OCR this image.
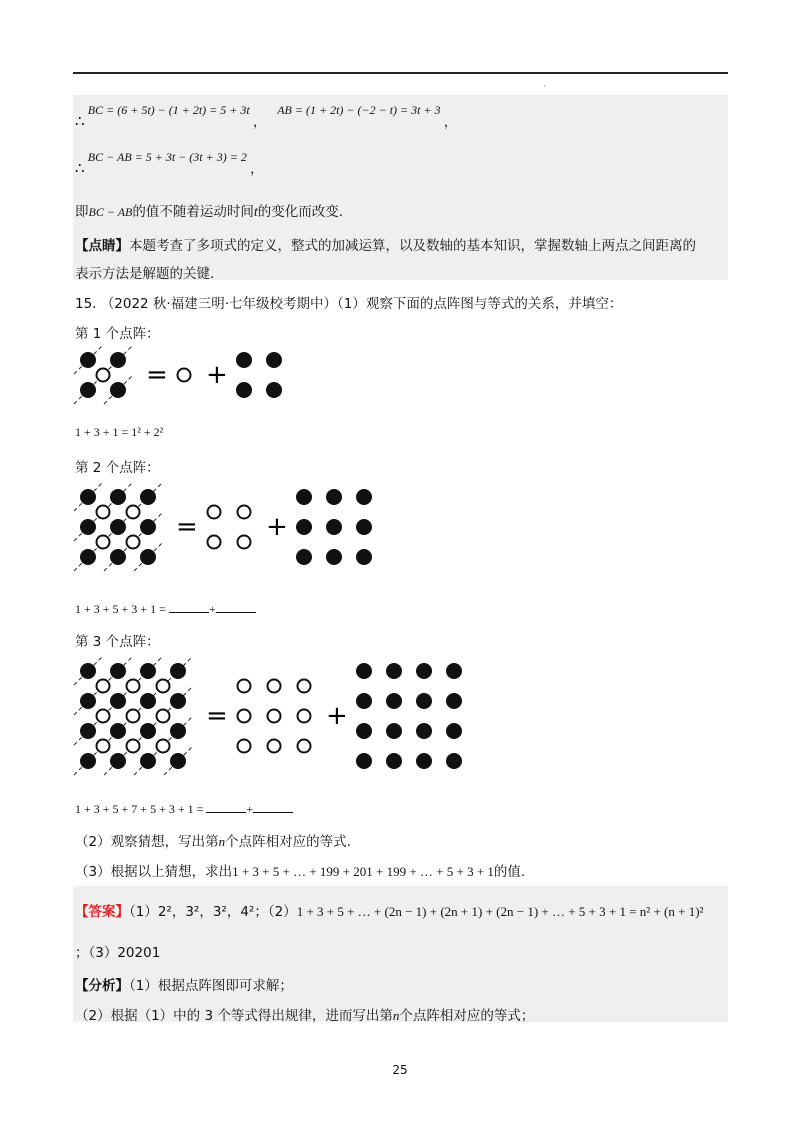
·
∴ BC = (6 + 5t) − (1 + 2t) = 5 + 3t ， AB = (1 + 2t) − (−2 − t) = 3t + 3 ，
∴ BC − AB = 5 + 3t − (3t + 3) = 2 ，
即BC − AB的值不随着运动时间t的变化而改变.
【点睛】本题考查了多项式的定义，整式的加减运算，以及数轴的基本知识，掌握数轴上两点之间距离的
表示方法是解题的关键.
15. （2022 秋·福建三明·七年级校考期中）（1）观察下面的点阵图与等式的关系，并填空：
第 1 个点阵：
= +
1 + 3 + 1 = 1² + 2²
第 2 个点阵：
=	+
1 + 3 + 5 + 3 + 1 =	+
第 3 个点阵：
=	+
1 + 3 + 5 + 7 + 5 + 3 + 1 =	+
（2）观察猜想，写出第n个点阵相对应的等式.
（3）根据以上猜想，求出1 + 3 + 5 + … + 199 + 201 + 199 + … + 5 + 3 + 1的值.
【答案】（1）2²，3²，3²，4²；（2）1 + 3 + 5 + … + (2n − 1) + (2n + 1) + (2n − 1) + … + 5 + 3 + 1 = n² + (n + 1)²
；（3）20201
【分析】（1）根据点阵图即可求解；
（2）根据（1）中的 3 个等式得出规律，进而写出第n个点阵相对应的等式；
25
